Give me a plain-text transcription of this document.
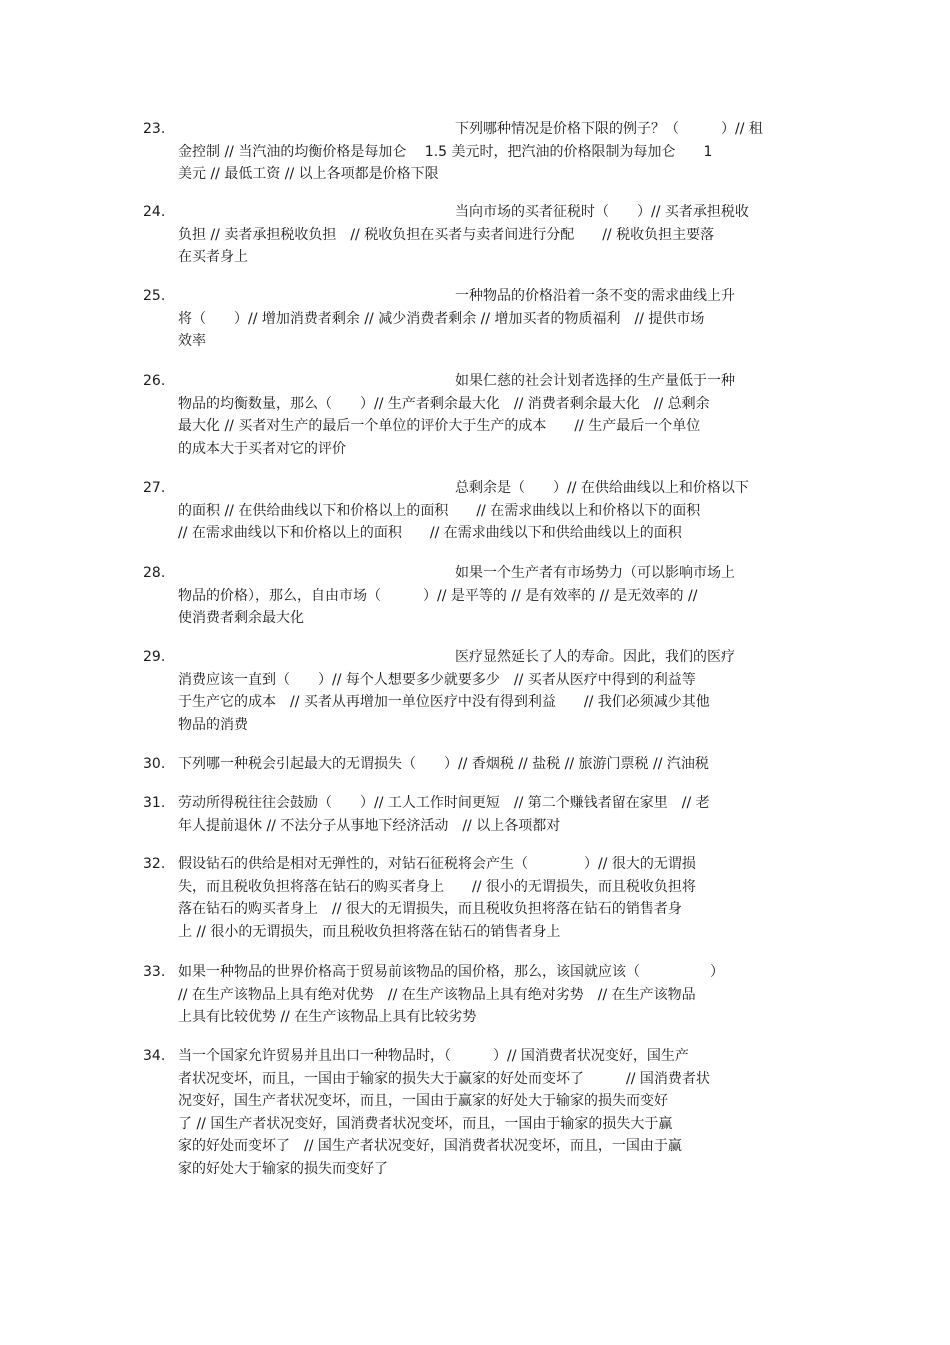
23.	下列哪种情况是价格下限的例子？（　　　）// 租
金控制 // 当汽油的均衡价格是每加仑　 1.5 美元时，把汽油的价格限制为每加仑　　1
美元 // 最低工资 // 以上各项都是价格下限
24.	当向市场的买者征税时（　　）// 买者承担税收
负担 // 卖者承担税收负担　// 税收负担在买者与卖者间进行分配　　// 税收负担主要落
在买者身上
25.	一种物品的价格沿着一条不变的需求曲线上升
将（　　）// 增加消费者剩余 // 减少消费者剩余 // 增加买者的物质福利　// 提供市场
效率
26.	如果仁慈的社会计划者选择的生产量低于一种
物品的均衡数量，那么（　　）// 生产者剩余最大化　// 消费者剩余最大化　// 总剩余
最大化 // 买者对生产的最后一个单位的评价大于生产的成本　　// 生产最后一个单位
的成本大于买者对它的评价
27.	总剩余是（　　）// 在供给曲线以上和价格以下
的面积 // 在供给曲线以下和价格以上的面积　　// 在需求曲线以上和价格以下的面积
// 在需求曲线以下和价格以上的面积　　// 在需求曲线以下和供给曲线以上的面积
28.	如果一个生产者有市场势力（可以影响市场上
物品的价格），那么，自由市场（　　　）// 是平等的 // 是有效率的 // 是无效率的 //
使消费者剩余最大化
29.	医疗显然延长了人的寿命。因此，我们的医疗
消费应该一直到（　　）// 每个人想要多少就要多少　// 买者从医疗中得到的利益等
于生产它的成本　// 买者从再增加一单位医疗中没有得到利益　　// 我们必须减少其他
物品的消费
30. 下列哪一种税会引起最大的无谓损失（　　）// 香烟税 // 盐税 // 旅游门票税 // 汽油税
31. 劳动所得税往往会鼓励（　　）// 工人工作时间更短　// 第二个赚钱者留在家里　// 老
年人提前退休 // 不法分子从事地下经济活动　// 以上各项都对
32. 假设钻石的供给是相对无弹性的，对钻石征税将会产生（　　　　）// 很大的无谓损
失，而且税收负担将落在钻石的购买者身上　　// 很小的无谓损失，而且税收负担将
落在钻石的购买者身上　// 很大的无谓损失，而且税收负担将落在钻石的销售者身
上 // 很小的无谓损失，而且税收负担将落在钻石的销售者身上
33. 如果一种物品的世界价格高于贸易前该物品的国价格，那么，该国就应该（　　　　　）
// 在生产该物品上具有绝对优势　// 在生产该物品上具有绝对劣势　// 在生产该物品
上具有比较优势 // 在生产该物品上具有比较劣势
34. 当一个国家允许贸易并且出口一种物品时，（　　　）// 国消费者状况变好，国生产
者状况变坏，而且，一国由于输家的损失大于赢家的好处而变坏了　　　// 国消费者状
况变好，国生产者状况变坏，而且，一国由于赢家的好处大于输家的损失而变好
了 // 国生产者状况变好，国消费者状况变坏，而且，一国由于输家的损失大于赢
家的好处而变坏了　// 国生产者状况变好，国消费者状况变坏，而且，一国由于赢
家的好处大于输家的损失而变好了
